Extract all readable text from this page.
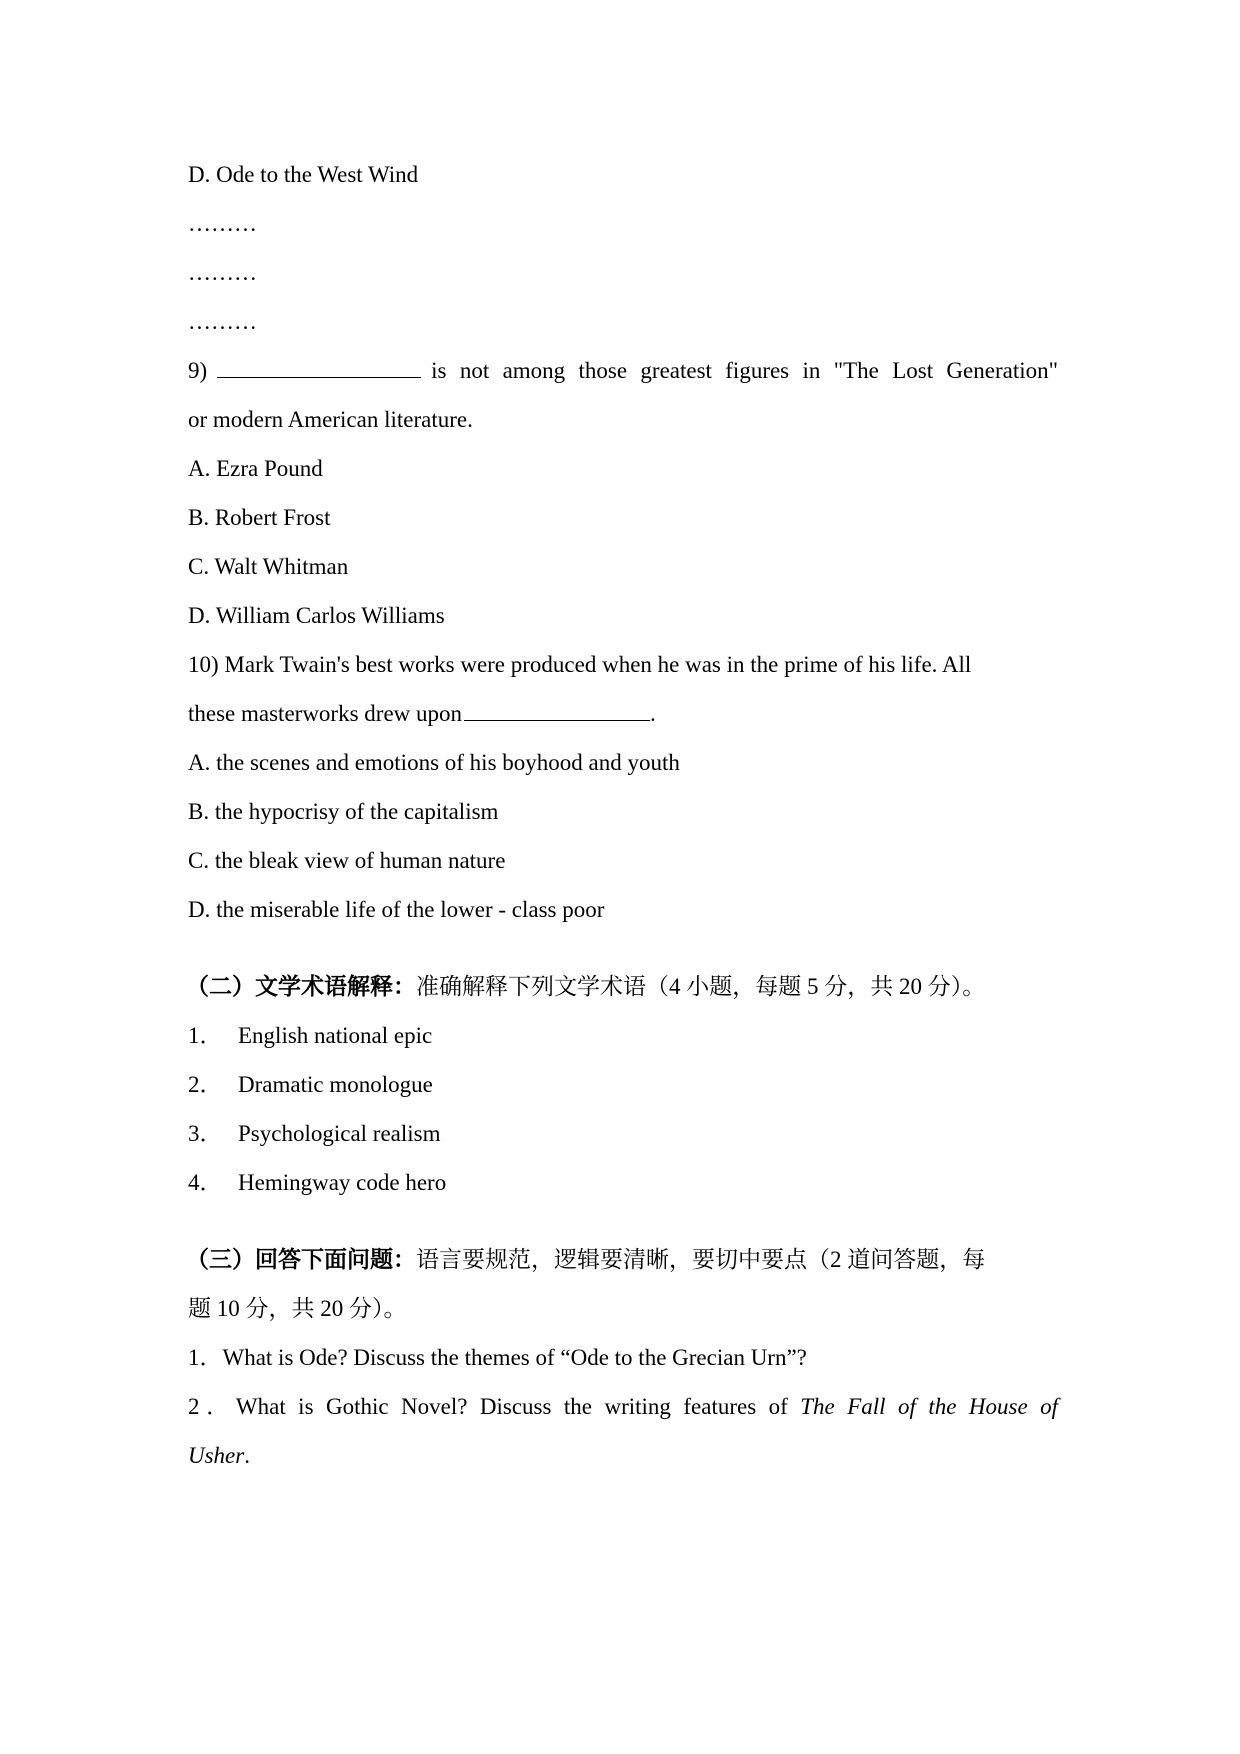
D. Ode to the West Wind
………
………
………
9)	is not among those greatest figures in "The Lost Generation"
or modern American literature.
A. Ezra Pound
B. Robert Frost
C. Walt Whitman
D. William Carlos Williams
10) Mark Twain's best works were produced when he was in the prime of his life. All
these masterworks drew upon	.
A. the scenes and emotions of his boyhood and youth
B. the hypocrisy of the capitalism
C. the bleak view of human nature
D. the miserable life of the lower - class poor
（二）文学术语解释：准确解释下列文学术语（4 小题，每题 5 分，共 20 分）。
1． English national epic
2． Dramatic monologue
3． Psychological realism
4． Hemingway code hero
（三）回答下面问题：语言要规范，逻辑要清晰，要切中要点（2 道问答题，每
题 10 分，共 20 分）。
1．What is Ode? Discuss the themes of “Ode to the Grecian Urn”?
2．What is Gothic Novel? Discuss the writing features of The Fall of the House of
Usher.
